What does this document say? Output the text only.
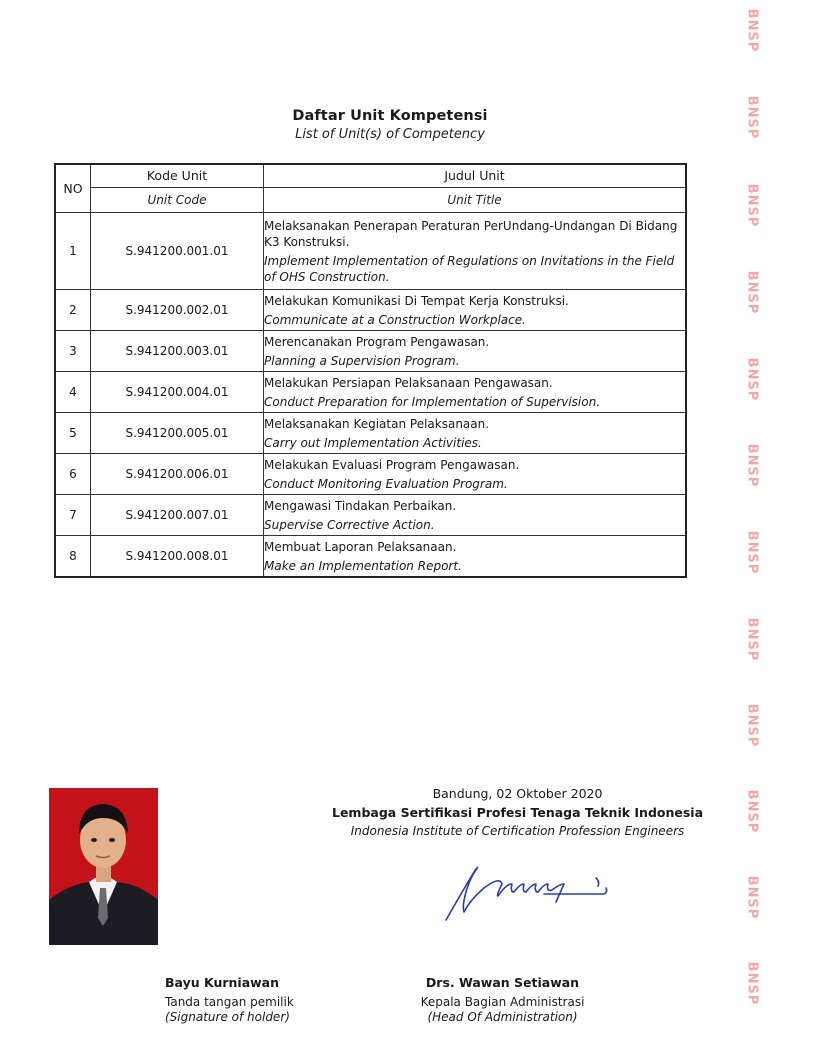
Daftar Unit Kompetensi
List of Unit(s) of Competency
NO	Kode Unit	Judul Unit
	Unit Code	Unit Title
1	S.941200.001.01	Melaksanakan Penerapan Peraturan PerUndang-Undangan Di Bidang K3 Konstruksi.
Implement Implementation of Regulations on Invitations in the Field of OHS Construction.

2	S.941200.002.01	Melakukan Komunikasi Di Tempat Kerja Konstruksi.
Communicate at a Construction Workplace.

3	S.941200.003.01	Merencanakan Program Pengawasan.
Planning a Supervision Program.

4	S.941200.004.01	Melakukan Persiapan Pelaksanaan Pengawasan.
Conduct Preparation for Implementation of Supervision.

5	S.941200.005.01	Melaksanakan Kegiatan Pelaksanaan.
Carry out Implementation Activities.

6	S.941200.006.01	Melakukan Evaluasi Program Pengawasan.
Conduct Monitoring Evaluation Program.

7	S.941200.007.01	Mengawasi Tindakan Perbaikan.
Supervise Corrective Action.

8	S.941200.008.01	Membuat Laporan Pelaksanaan.
Make an Implementation Report.
Bandung, 02 Oktober 2020
Lembaga Sertifikasi Profesi Tenaga Teknik Indonesia
Indonesia Institute of Certification Profession Engineers
Bayu Kurniawan
Tanda tangan pemilik
(Signature of holder)
Drs. Wawan Setiawan
Kepala Bagian Administrasi
(Head Of Administration)
BNSP
BNSP
BNSP
BNSP
BNSP
BNSP
BNSP
BNSP
BNSP
BNSP
BNSP
BNSP
